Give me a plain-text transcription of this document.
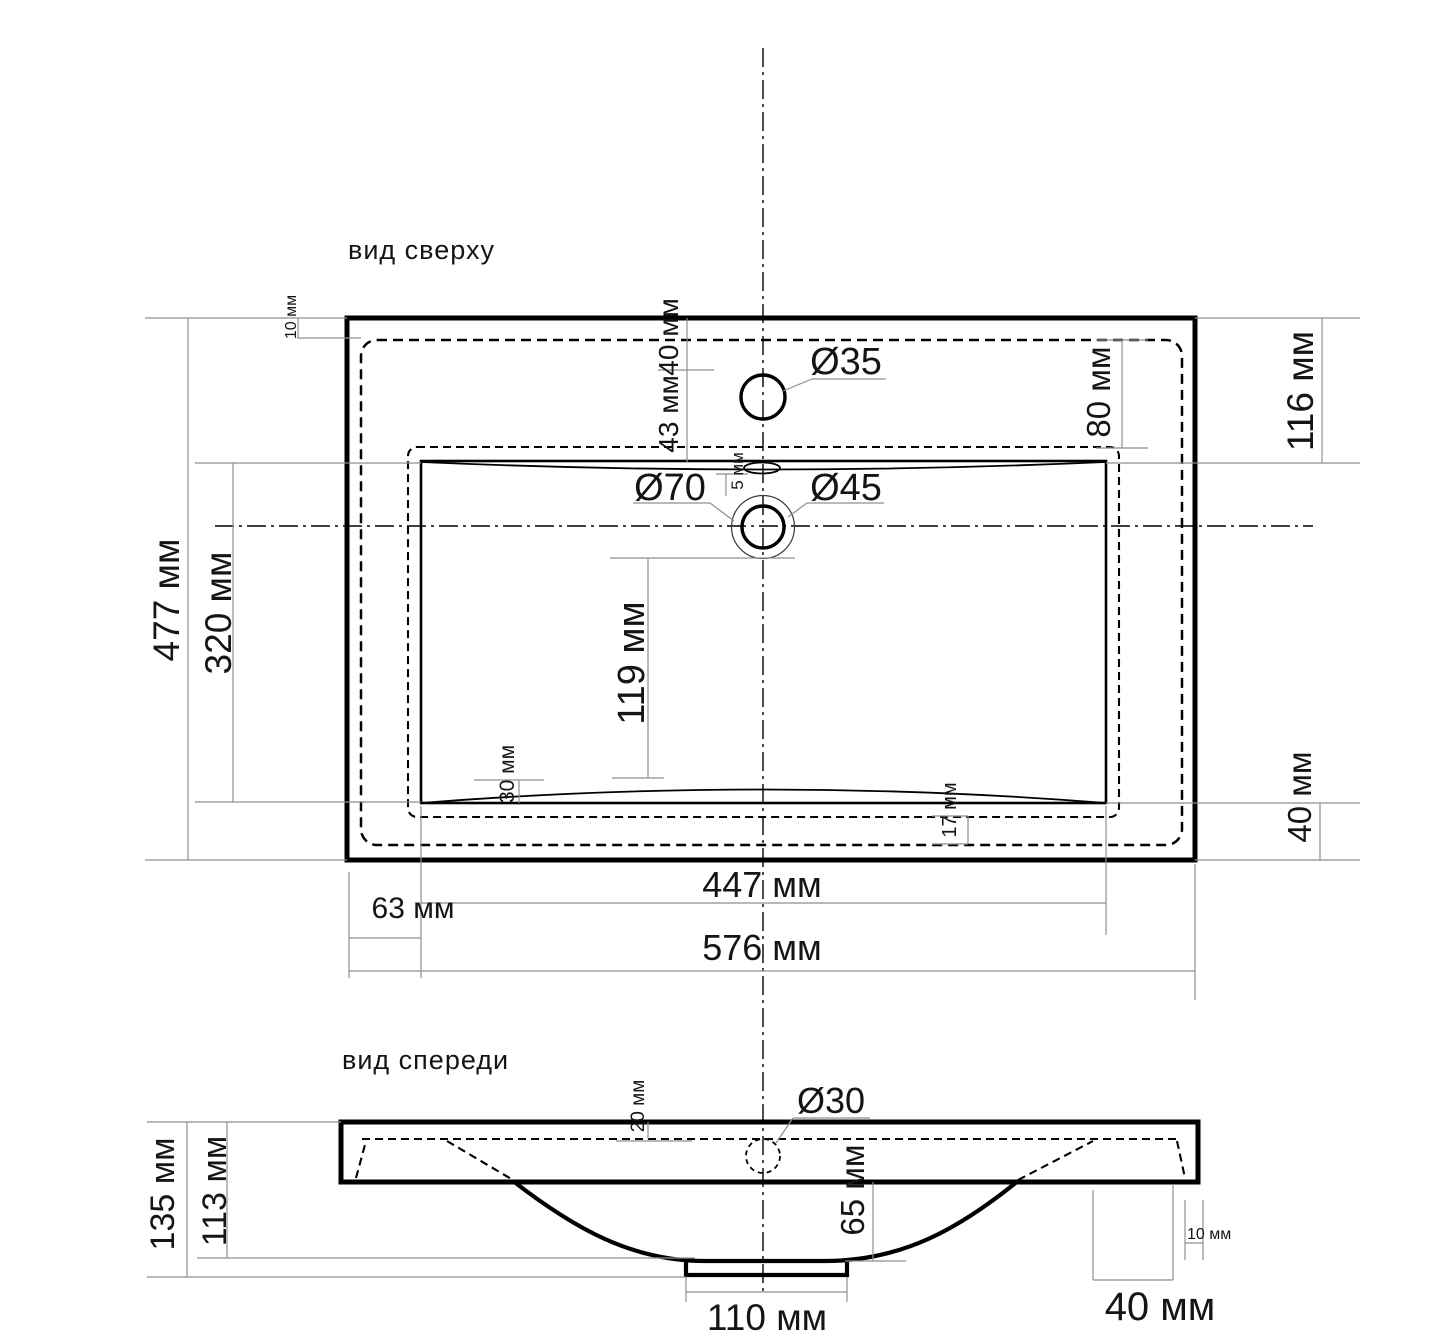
вид сверху
10 мм	40 мм
43 мм
Ø35	80 мм	116 мм
5 мм
Ø70	Ø45
477 мм 320 мм	119 мм
30 мм
17 мм	40 мм
447 мм
63 мм
576 мм
вид спереди
20 мм	Ø30
65 мм
135 мм 113 мм
110 мм	40 мм
10 мм
